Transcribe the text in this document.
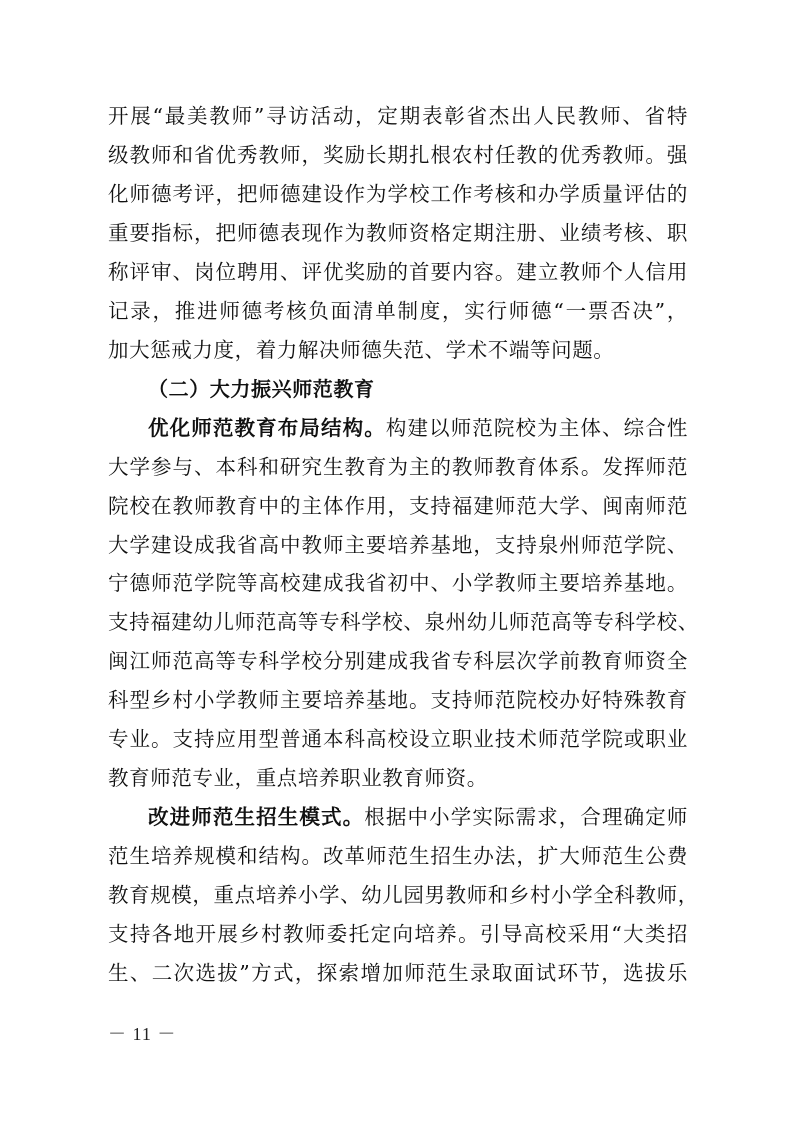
开展“最美教师”寻访活动，定期表彰省杰出人民教师、省特
级教师和省优秀教师，奖励长期扎根农村任教的优秀教师。强
化师德考评，把师德建设作为学校工作考核和办学质量评估的
重要指标，把师德表现作为教师资格定期注册、业绩考核、职
称评审、岗位聘用、评优奖励的首要内容。建立教师个人信用
记录，推进师德考核负面清单制度，实行师德“一票否决”，
加大惩戒力度，着力解决师德失范、学术不端等问题。
（二）大力振兴师范教育
优化师范教育布局结构。构建以师范院校为主体、综合性
大学参与、本科和研究生教育为主的教师教育体系。发挥师范
院校在教师教育中的主体作用，支持福建师范大学、闽南师范
大学建设成我省高中教师主要培养基地，支持泉州师范学院、
宁德师范学院等高校建成我省初中、小学教师主要培养基地。
支持福建幼儿师范高等专科学校、泉州幼儿师范高等专科学校、
闽江师范高等专科学校分别建成我省专科层次学前教育师资全
科型乡村小学教师主要培养基地。支持师范院校办好特殊教育
专业。支持应用型普通本科高校设立职业技术师范学院或职业
教育师范专业，重点培养职业教育师资。
改进师范生招生模式。根据中小学实际需求，合理确定师
范生培养规模和结构。改革师范生招生办法，扩大师范生公费
教育规模，重点培养小学、幼儿园男教师和乡村小学全科教师，
支持各地开展乡村教师委托定向培养。引导高校采用“大类招
生、二次选拔”方式，探索增加师范生录取面试环节，选拔乐
－ 11 －
